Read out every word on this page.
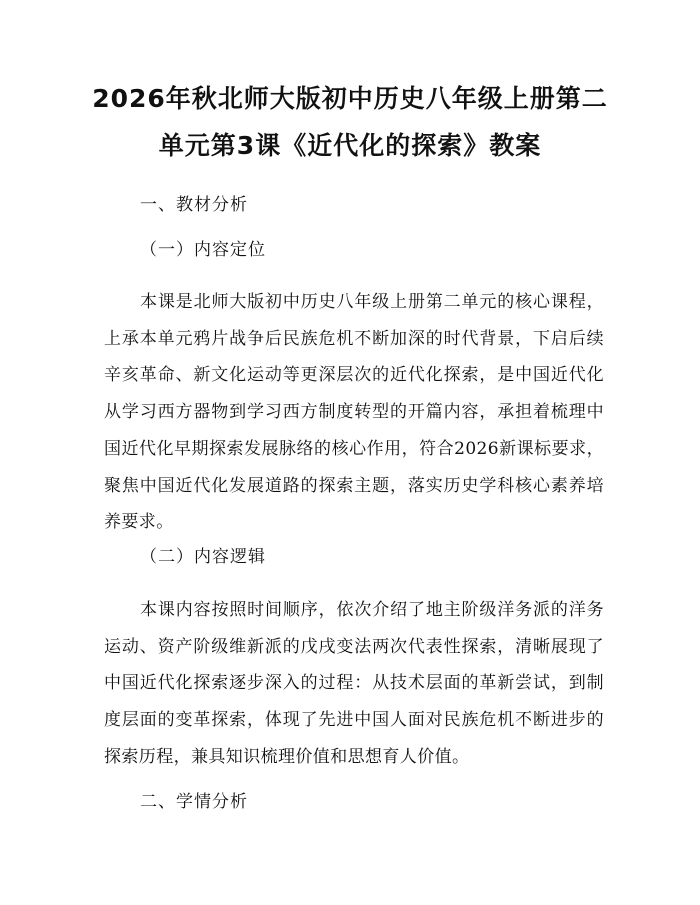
2026年秋北师大版初中历史八年级上册第二
单元第3课《近代化的探索》教案

一、教材分析

（一）内容定位

本课是北师大版初中历史八年级上册第二单元的核心课程，上承本单元鸦片战争后民族危机不断加深的时代背景，下启后续辛亥革命、新文化运动等更深层次的近代化探索，是中国近代化从学习西方器物到学习西方制度转型的开篇内容，承担着梳理中国近代化早期探索发展脉络的核心作用，符合2026新课标要求，聚焦中国近代化发展道路的探索主题，落实历史学科核心素养培养要求。

（二）内容逻辑

本课内容按照时间顺序，依次介绍了地主阶级洋务派的洋务运动、资产阶级维新派的戊戌变法两次代表性探索，清晰展现了中国近代化探索逐步深入的过程：从技术层面的革新尝试，到制度层面的变革探索，体现了先进中国人面对民族危机不断进步的探索历程，兼具知识梳理价值和思想育人价值。

二、学情分析
